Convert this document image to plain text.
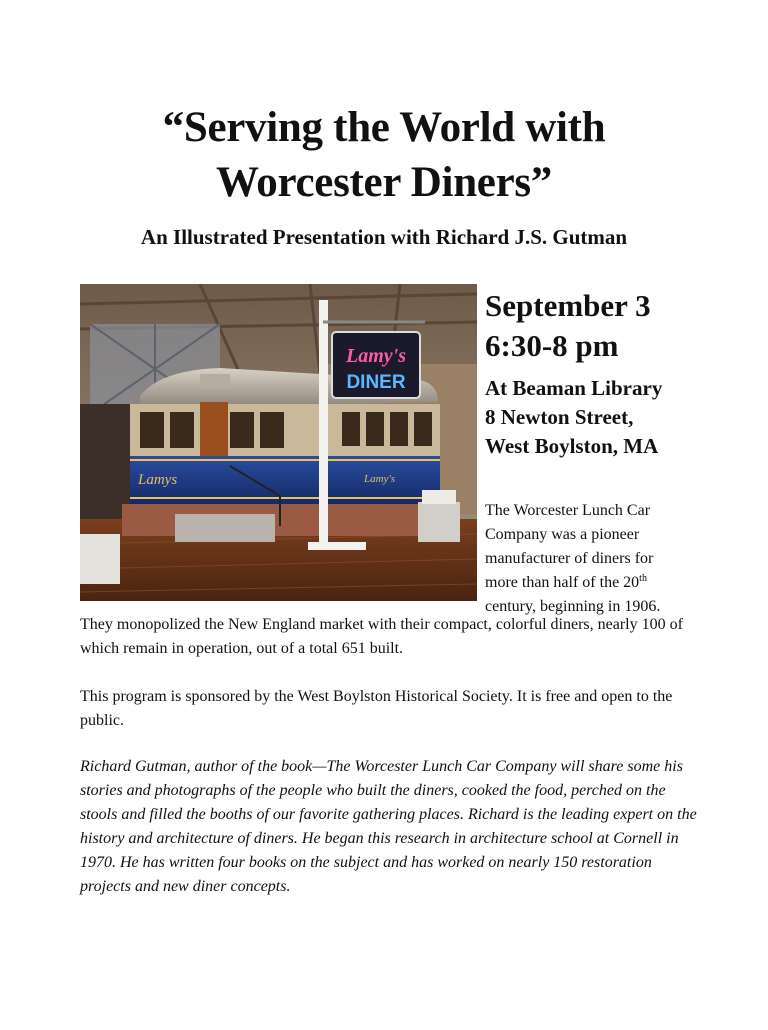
“Serving the World with
Worcester Diners”
An Illustrated Presentation with Richard J.S. Gutman
Lamys	Lamy's
Lamy's
DINER
September 3
6:30-8 pm
At Beaman Library
8 Newton Street,
West Boylston, MA
The Worcester Lunch Car
Company was a pioneer
manufacturer of diners for
more than half of the 20th
century, beginning in 1906.
They monopolized the New England market with their compact, colorful diners, nearly 100 of which remain in operation, out of a total 651 built.
This program is sponsored by the West Boylston Historical Society. It is free and open to the public.
Richard Gutman, author of the book—The Worcester Lunch Car Company will share some his stories and photographs of the people who built the diners, cooked the food, perched on the stools and filled the booths of our favorite gathering places. Richard is the leading expert on the history and architecture of diners. He began this research in architecture school at Cornell in 1970. He has written four books on the subject and has worked on nearly 150 restoration projects and new diner concepts.
